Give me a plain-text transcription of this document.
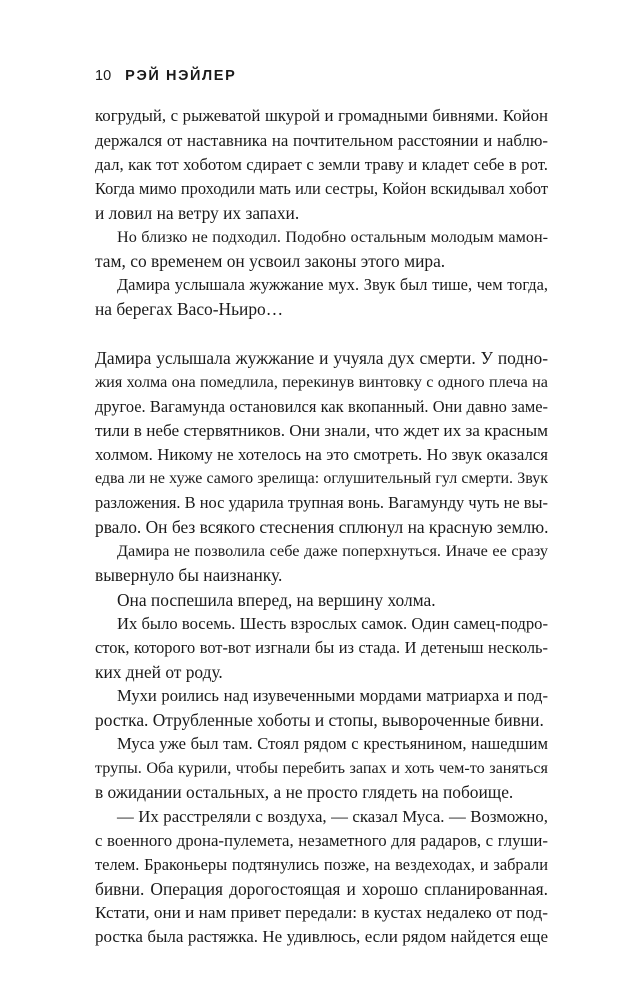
10 РЭЙ НЭЙЛЕР
когрудый, с рыжеватой шкурой и громадными бивнями. Койон
держался от наставника на почтительном расстоянии и наблю-
дал, как тот хоботом сдирает с земли траву и кладет себе в рот.
Когда мимо проходили мать или сестры, Койон вскидывал хобот
и ловил на ветру их запахи.
Но близко не подходил. Подобно остальным молодым мамон-
там, со временем он усвоил законы этого мира.
Дамира услышала жужжание мух. Звук был тише, чем тогда,
на берегах Васо-Ньиро…
Дамира услышала жужжание и учуяла дух смерти. У подно-
жия холма она помедлила, перекинув винтовку с одного плеча на
другое. Вагамунда остановился как вкопанный. Они давно заме-
тили в небе стервятников. Они знали, что ждет их за красным
холмом. Никому не хотелось на это смотреть. Но звук оказался
едва ли не хуже самого зрелища: оглушительный гул смерти. Звук
разложения. В нос ударила трупная вонь. Вагамунду чуть не вы-
рвало. Он без всякого стеснения сплюнул на красную землю.
Дамира не позволила себе даже поперхнуться. Иначе ее сразу
вывернуло бы наизнанку.
Она поспешила вперед, на вершину холма.
Их было восемь. Шесть взрослых самок. Один самец-подро-
сток, которого вот-вот изгнали бы из стада. И детеныш несколь-
ких дней от роду.
Мухи роились над изувеченными мордами матриарха и под-
ростка. Отрубленные хоботы и стопы, вывороченные бивни.
Муса уже был там. Стоял рядом с крестьянином, нашедшим
трупы. Оба курили, чтобы перебить запах и хоть чем-то заняться
в ожидании остальных, а не просто глядеть на побоище.
— Их расстреляли с воздуха, — сказал Муса. — Возможно,
с военного дрона-пулемета, незаметного для радаров, с глуши-
телем. Браконьеры подтянулись позже, на вездеходах, и забрали
бивни. Операция дорогостоящая и хорошо спланированная.
Кстати, они и нам привет передали: в кустах недалеко от под-
ростка была растяжка. Не удивлюсь, если рядом найдется еще
